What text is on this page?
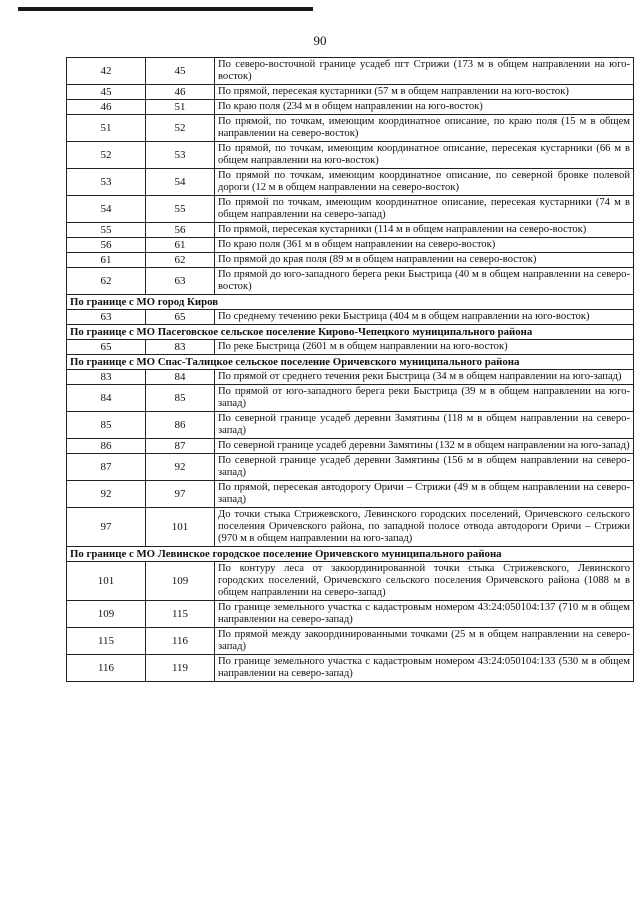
90
42	45	По северо-восточной границе усадеб пгт Стрижи (173 м в общем направлении на юго-восток)
45	46	По прямой, пересекая кустарники (57 м в общем направлении на юго-восток)
46	51	По краю поля (234 м в общем направлении на юго-восток)
51	52	По прямой, по точкам, имеющим координатное описание, по краю поля (15 м в общем направлении на северо-восток)
52	53	По прямой, по точкам, имеющим координатное описание, пересекая кустарники (66 м в общем направлении на юго-восток)
53	54	По прямой по точкам, имеющим координатное описание, по северной бровке полевой дороги (12 м в общем направлении на северо-восток)
54	55	По прямой по точкам, имеющим координатное описание, пересекая кустарники (74 м в общем направлении на северо-запад)
55	56	По прямой, пересекая кустарники (114 м в общем направлении на северо-восток)
56	61	По краю поля (361 м в общем направлении на северо-восток)
61	62	По прямой до края поля (89 м в общем направлении на северо-восток)
62	63	По прямой до юго-западного берега реки Быстрица (40 м в общем направлении на северо-восток)
По границе с МО город Киров		
63	65	По среднему течению реки Быстрица (404 м в общем направлении на юго-восток)
По границе с МО Пасеговское сельское поселение Кирово-Чепецкого муниципального района		
65	83	По реке Быстрица (2601 м в общем направлении на юго-восток)
По границе с МО Спас-Талицкое сельское поселение Оричевского муниципального района		
83	84	По прямой от среднего течения реки Быстрица (34 м в общем направлении на юго-запад)
84	85	По прямой от юго-западного берега реки Быстрица (39 м в общем направлении на юго-запад)
85	86	По северной границе усадеб деревни Замятины (118 м в общем направлении на северо-запад)
86	87	По северной границе усадеб деревни Замятины (132 м в общем направлении на юго-запад)
87	92	По северной границе усадеб деревни Замятины (156 м в общем направлении на северо-запад)
92	97	По прямой, пересекая автодорогу Оричи – Стрижи (49 м в общем направлении на северо-запад)
97	101	До точки стыка Стрижевского, Левинского городских поселений, Оричевского сельского поселения Оричевского района, по западной полосе отвода автодороги Оричи – Стрижи (970 м в общем направлении на юго-запад)
По границе с МО Левинское городское поселение Оричевского муниципального района		
101	109	По контуру леса от закоординированной точки стыка Стрижевского, Левинского городских поселений, Оричевского сельского поселения Оричевского района (1088 м в общем направлении на северо-запад)
109	115	По границе земельного участка с кадастровым номером 43:24:050104:137 (710 м в общем направлении на северо-запад)
115	116	По прямой между закоординированными точками (25 м в общем направлении на северо-запад)
116	119	По границе земельного участка с кадастровым номером 43:24:050104:133 (530 м в общем направлении на северо-запад)
